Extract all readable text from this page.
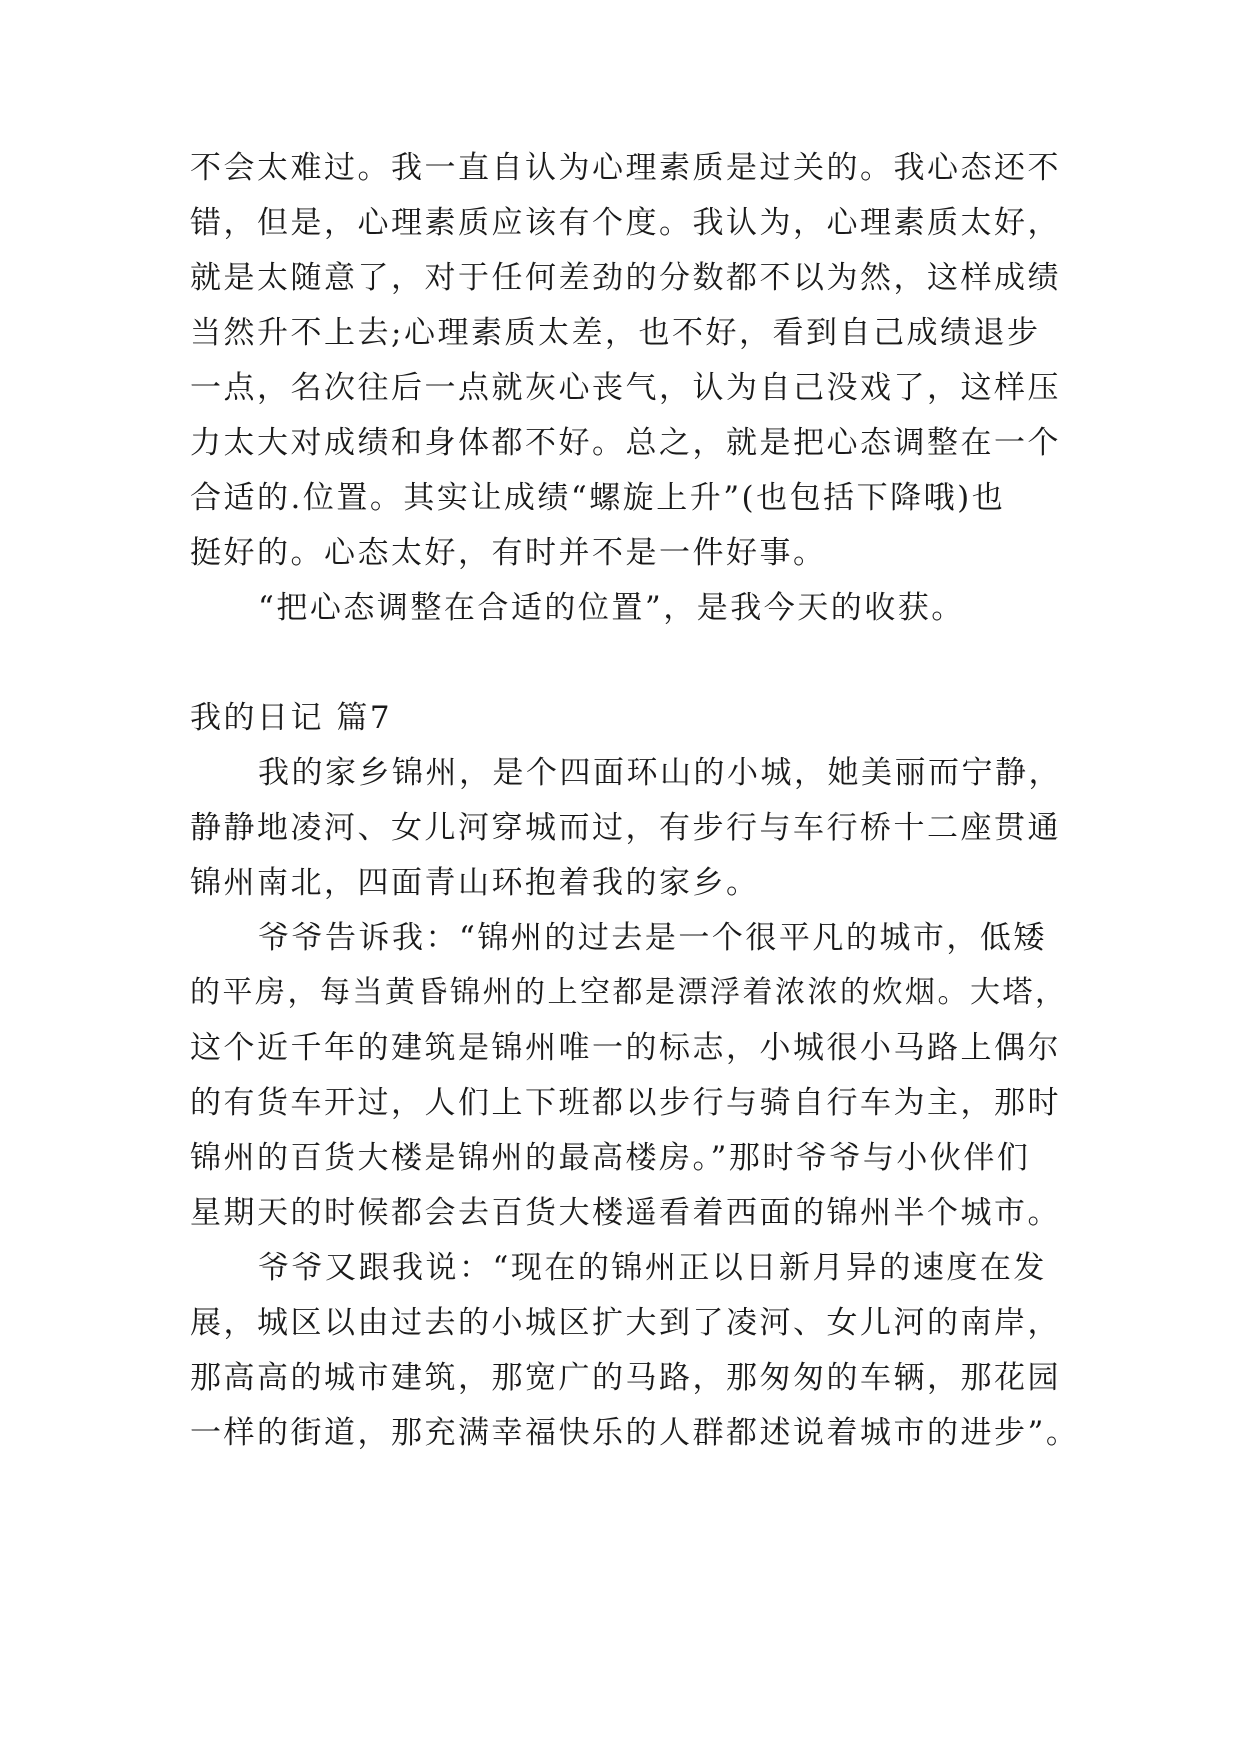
不会太难过。我一直自认为心理素质是过关的。我心态还不
错，但是，心理素质应该有个度。我认为，心理素质太好，
就是太随意了，对于任何差劲的分数都不以为然，这样成绩
当然升不上去;心理素质太差，也不好，看到自己成绩退步
一点，名次往后一点就灰心丧气，认为自己没戏了，这样压
力太大对成绩和身体都不好。总之，就是把心态调整在一个
合适的.位置。其实让成绩“螺旋上升”(也包括下降哦)也
挺好的。心态太好，有时并不是一件好事。
“把心态调整在合适的位置”，是我今天的收获。
我的日记 篇7
我的家乡锦州，是个四面环山的小城，她美丽而宁静，
静静地凌河、女儿河穿城而过，有步行与车行桥十二座贯通
锦州南北，四面青山环抱着我的家乡。
爷爷告诉我：“锦州的过去是一个很平凡的城市，低矮
的平房，每当黄昏锦州的上空都是漂浮着浓浓的炊烟。大塔，
这个近千年的建筑是锦州唯一的标志，小城很小马路上偶尔
的有货车开过，人们上下班都以步行与骑自行车为主，那时
锦州的百货大楼是锦州的最高楼房。”那时爷爷与小伙伴们
星期天的时候都会去百货大楼遥看着西面的锦州半个城市。
爷爷又跟我说：“现在的锦州正以日新月异的速度在发
展，城区以由过去的小城区扩大到了凌河、女儿河的南岸，
那高高的城市建筑，那宽广的马路，那匆匆的车辆，那花园
一样的街道，那充满幸福快乐的人群都述说着城市的进步”。
